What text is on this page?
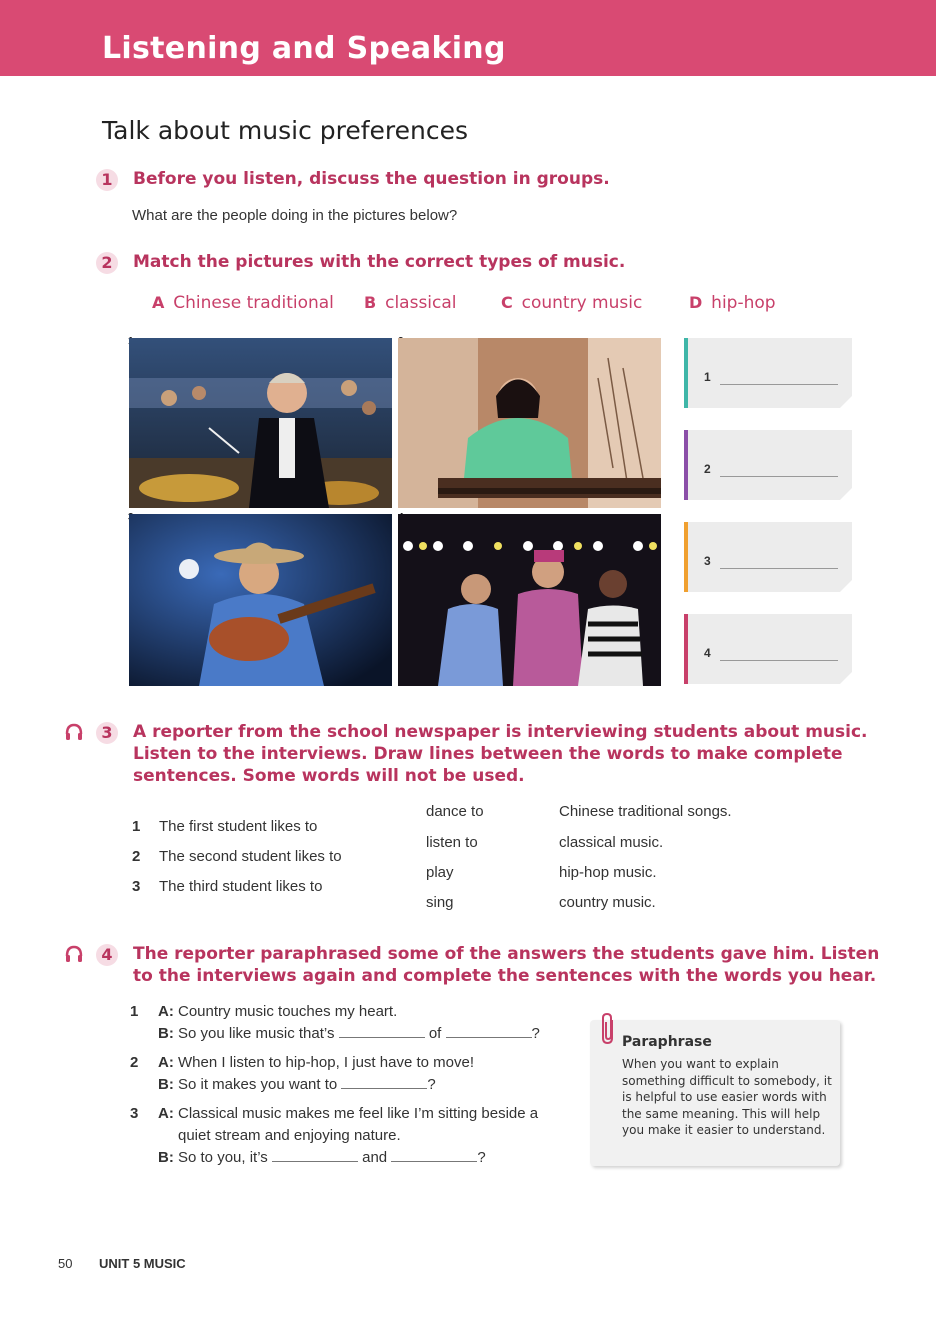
Listening and Speaking
Talk about music preferences
1	Before you listen, discuss the question in groups.
What are the people doing in the pictures below?
2	Match the pictures with the correct types of music.
A Chinese traditional B classical	C country music	D hip-hop
1
2
3
4
3	A reporter from the school newspaper is interviewing students about music.
Listen to the interviews. Draw lines between the words to make complete
sentences. Some words will not be used.
1 The first student likes to
2 The second student likes to
3 The third student likes to
dance to
listen to
play
sing
Chinese traditional songs.
classical music.
hip-hop music.
country music.
4	The reporter paraphrased some of the answers the students gave him. Listen
to the interviews again and complete the sentences with the words you hear.
1 A: Country music touches my heart.
B: So you like music that’s	of	?
2 A: When I listen to hip-hop, I just have to move!
B: So it makes you want to	?
3 A: Classical music makes me feel like I’m sitting beside a
quiet stream and enjoying nature.
B: So to you, it’s	and	?
Paraphrase
When you want to explain something difficult to somebody, it is helpful to use easier words with the same meaning. This will help you make it easier to understand.
50 UNIT 5 MUSIC
